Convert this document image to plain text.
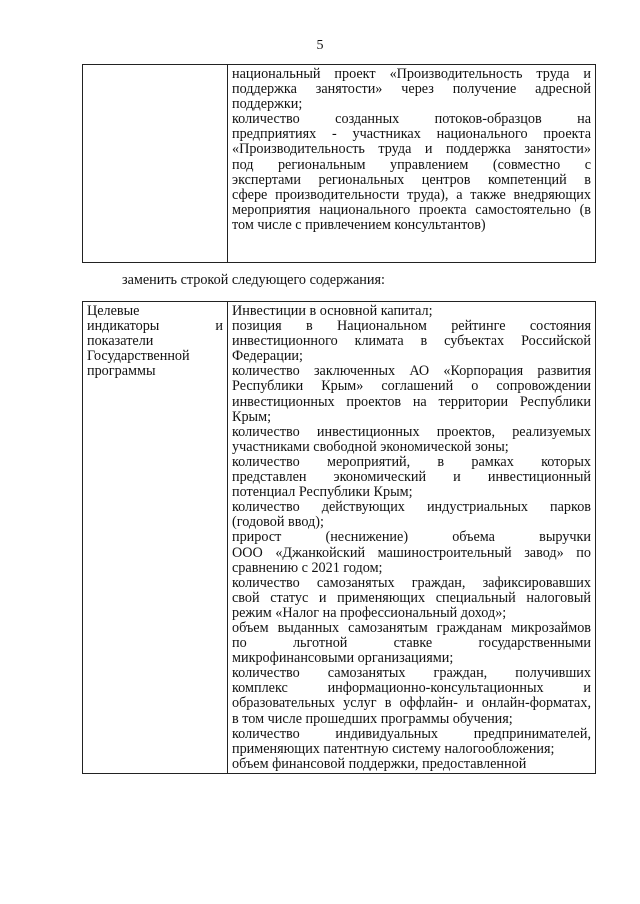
5

национальный проект «Производительность труда и
поддержка занятости» через получение адресной
поддержки;
количество созданных потоков-образцов на
предприятиях - участниках национального проекта
«Производительность труда и поддержка занятости»
под региональным управлением (совместно с
экспертами региональных центров компетенций в
сфере производительности труда), а также внедряющих
мероприятия национального проекта самостоятельно (в
том числе с привлечением консультантов)
заменить строкой следующего содержания:
Целевые
индикаторы и
показатели
Государственной
программы

Инвестиции в основной капитал;
позиция в Национальном рейтинге состояния
инвестиционного климата в субъектах Российской
Федерации;
количество заключенных АО «Корпорация развития
Республики Крым» соглашений о сопровождении
инвестиционных проектов на территории Республики
Крым;
количество инвестиционных проектов, реализуемых
участниками свободной экономической зоны;
количество мероприятий, в рамках которых
представлен экономический и инвестиционный
потенциал Республики Крым;
количество действующих индустриальных парков
(годовой ввод);
прирост (неснижение) объема выручки
ООО «Джанкойский машиностроительный завод» по
сравнению с 2021 годом;
количество самозанятых граждан, зафиксировавших
свой статус и применяющих специальный налоговый
режим «Налог на профессиональный доход»;
объем выданных самозанятым гражданам микрозаймов
по льготной ставке государственными
микрофинансовыми организациями;
количество самозанятых граждан, получивших
комплекс информационно-консультационных и
образовательных услуг в оффлайн- и онлайн-форматах,
в том числе прошедших программы обучения;
количество индивидуальных предпринимателей,
применяющих патентную систему налогообложения;
объем финансовой поддержки, предоставленной
